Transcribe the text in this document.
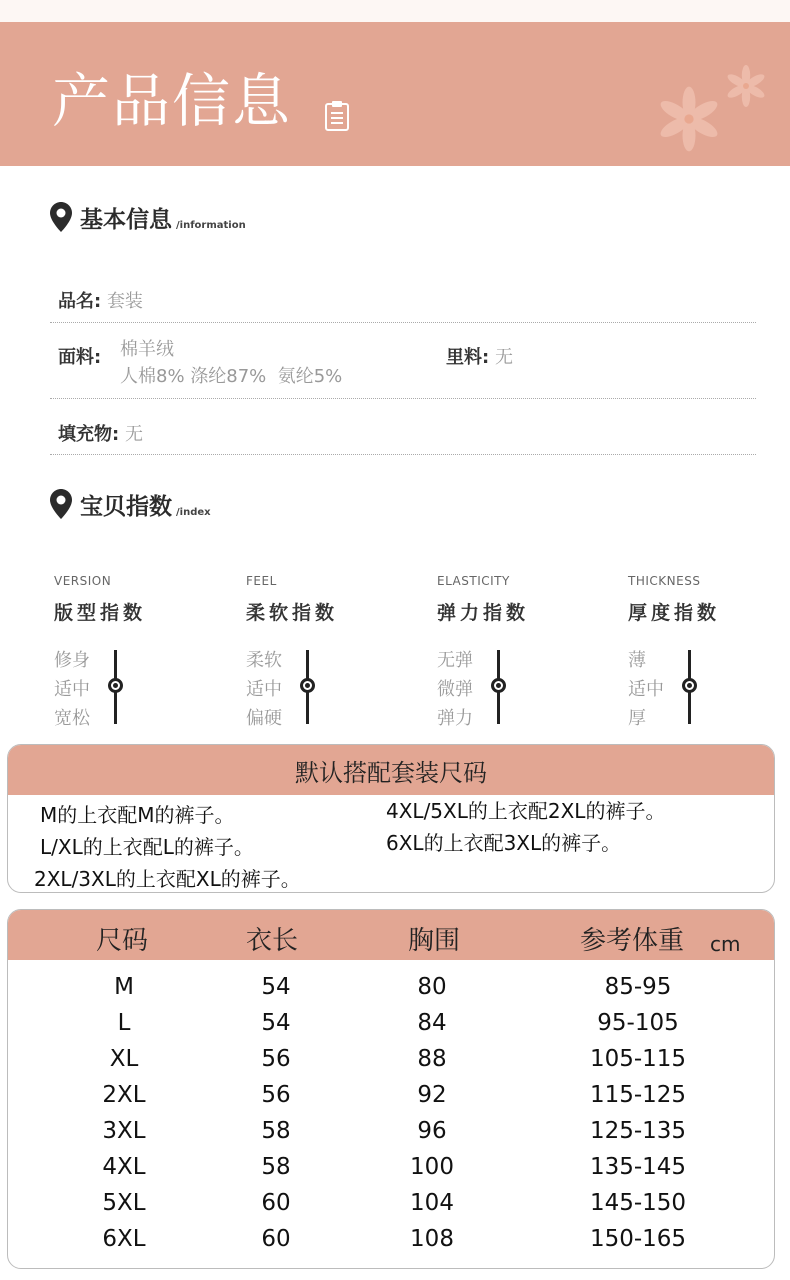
产品信息
基本信息 /information
品名: 套装
面料: 棉羊绒
人棉8% 涤纶87%  氨纶5%
里料: 无
填充物: 无
宝贝指数 /index
VERSION
版型指数
修身
适中
宽松
FEEL
柔软指数
柔软
适中
偏硬
ELASTICITY
弹力指数
无弹
微弹
弹力
THICKNESS
厚度指数
薄
适中
厚
默认搭配套装尺码
M的上衣配M的裤子。
L/XL的上衣配L的裤子。
2XL/3XL的上衣配XL的裤子。
4XL/5XL的上衣配2XL的裤子。
6XL的上衣配3XL的裤子。
尺码	衣长	胸围	参考体重 cm
M	54	80	85-95
L	54	84	95-105
XL	56	88	105-115
2XL	56	92	115-125
3XL	58	96	125-135
4XL	58	100	135-145
5XL	60	104	145-150
6XL	60	108	150-165
